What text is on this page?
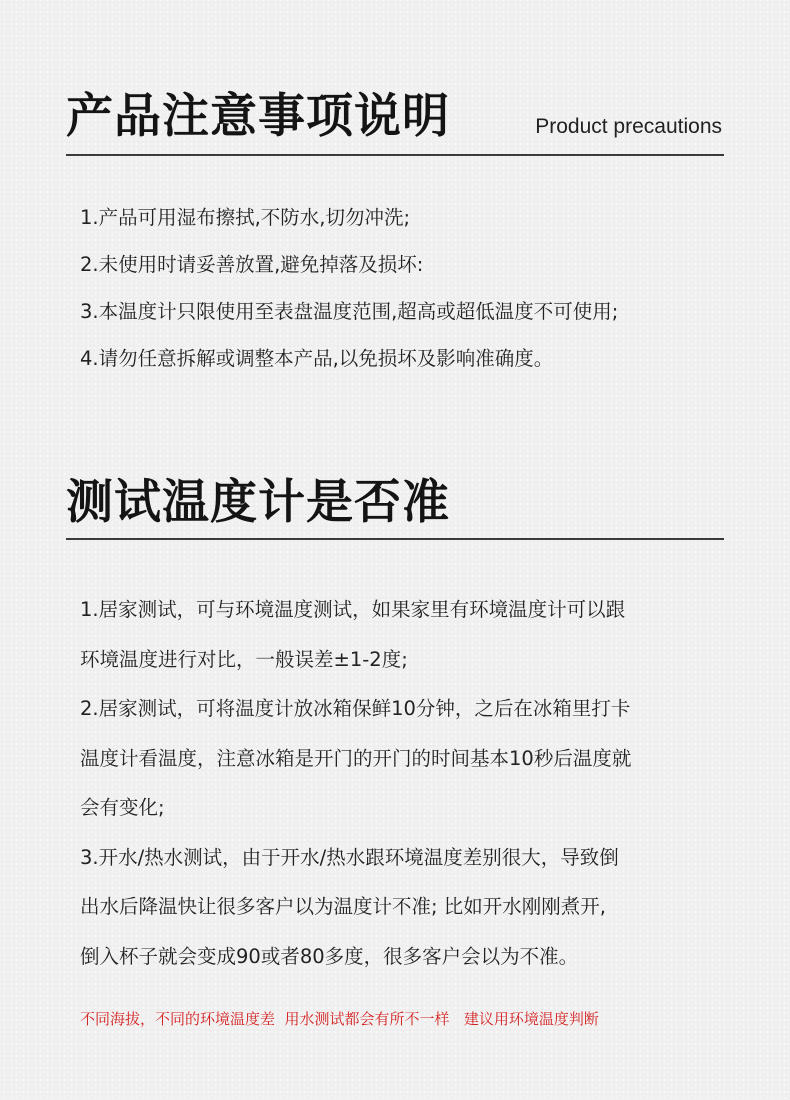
产品注意事项说明	Product precautions
1.产品可用湿布擦拭,不防水,切勿冲洗;
2.未使用时请妥善放置,避免掉落及损坏:
3.本温度计只限使用至表盘温度范围,超高或超低温度不可使用;
4.请勿任意拆解或调整本产品,以免损坏及影响准确度。
测试温度计是否准
1.居家测试，可与环境温度测试，如果家里有环境温度计可以跟
环境温度进行对比，一般误差±1-2度;
2.居家测试，可将温度计放冰箱保鲜10分钟，之后在冰箱里打卡
温度计看温度，注意冰箱是开门的开门的时间基本10秒后温度就
会有变化;
3.开水/热水测试，由于开水/热水跟环境温度差别很大，导致倒
出水后降温快让很多客户以为温度计不准; 比如开水刚刚煮开,
倒入杯子就会变成90或者80多度，很多客户会以为不准。
不同海拔，不同的环境温度差  用水测试都会有所不一样   建议用环境温度判断
